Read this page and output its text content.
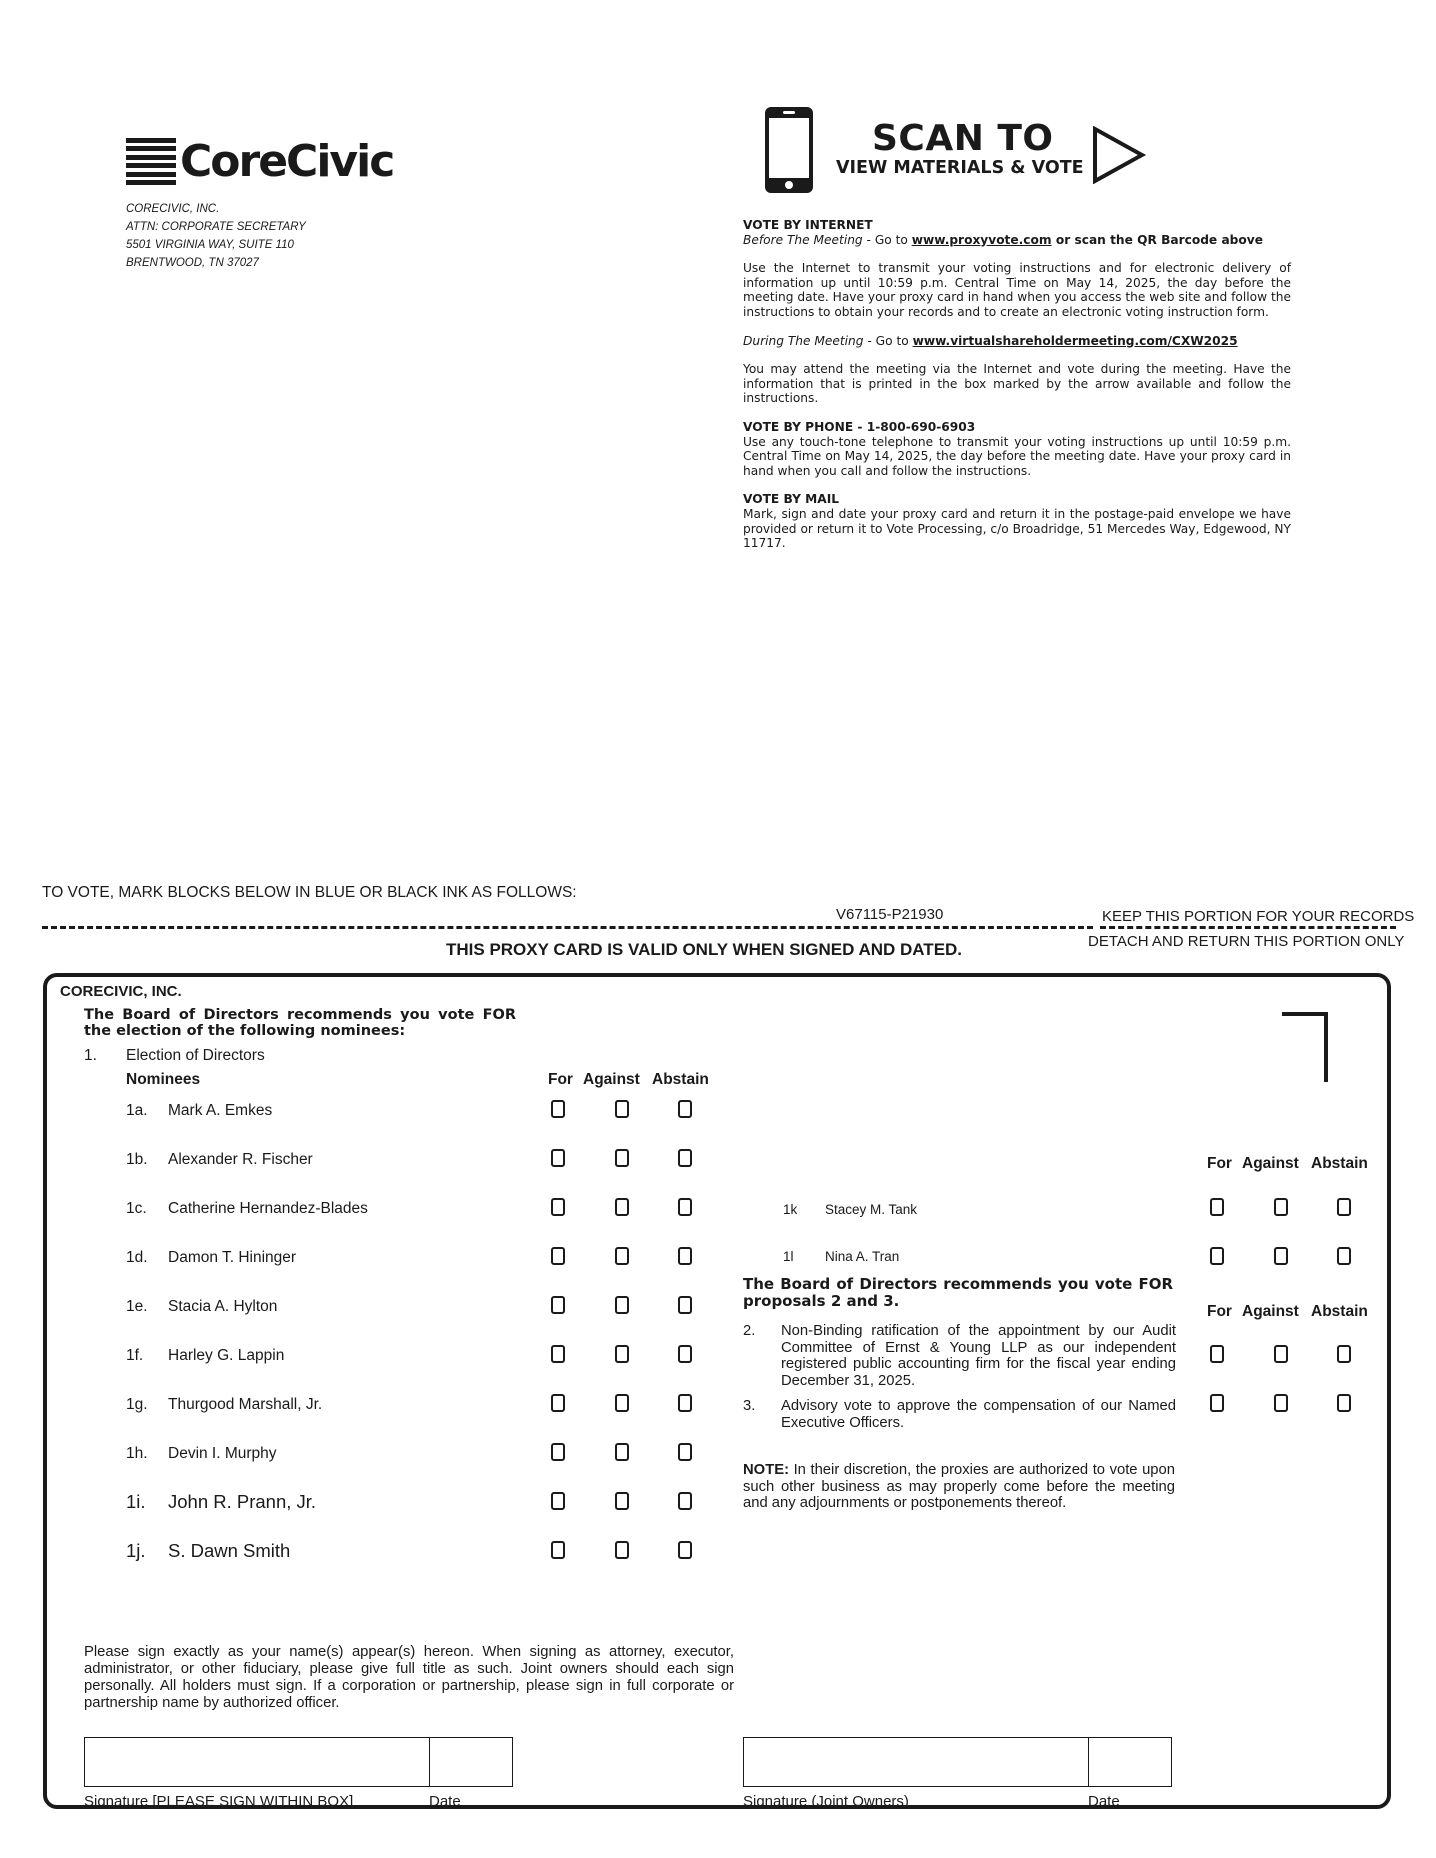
CoreCivic
CORECIVIC, INC.
ATTN: CORPORATE SECRETARY
5501 VIRGINIA WAY, SUITE 110
BRENTWOOD, TN 37027
SCAN TO
VIEW MATERIALS & VOTE

VOTE BY INTERNET

Before The Meeting - Go to www.proxyvote.com or scan the QR Barcode above

Use the Internet to transmit your voting instructions and for electronic delivery of information up until 10:59 p.m. Central Time on May 14, 2025, the day before the meeting date. Have your proxy card in hand when you access the web site and follow the instructions to obtain your records and to create an electronic voting instruction form.

During The Meeting - Go to www.virtualshareholdermeeting.com/CXW2025

You may attend the meeting via the Internet and vote during the meeting. Have the information that is printed in the box marked by the arrow available and follow the instructions.

VOTE BY PHONE - 1-800-690-6903

Use any touch-tone telephone to transmit your voting instructions up until 10:59 p.m. Central Time on May 14, 2025, the day before the meeting date. Have your proxy card in hand when you call and follow the instructions.

VOTE BY MAIL

Mark, sign and date your proxy card and return it in the postage-paid envelope we have provided or return it to Vote Processing, c/o Broadridge, 51 Mercedes Way, Edgewood, NY 11717.

TO VOTE, MARK BLOCKS BELOW IN BLUE OR BLACK INK AS FOLLOWS:
V67115-P21930	KEEP THIS PORTION FOR YOUR RECORDS
THIS PROXY CARD IS VALID ONLY WHEN SIGNED AND DATED.	DETACH AND RETURN THIS PORTION ONLY
CORECIVIC, INC.
The Board of Directors recommends you vote FOR the election of the following nominees:
1. Election of Directors
Nominees	For Against Abstain
1a. Mark A. Emkes
1b. Alexander R. Fischer
1c. Catherine Hernandez-Blades
1d. Damon T. Hininger
1e. Stacia A. Hylton
1f. Harley G. Lappin
1g. Thurgood Marshall, Jr.
1h. Devin I. Murphy
1i. John R. Prann, Jr.
1j. S. Dawn Smith
For Against Abstain
1k Stacey M. Tank
1l Nina A. Tran
The Board of Directors recommends you vote FOR proposals 2 and 3.
For Against Abstain
2.	Non-Binding ratification of the appointment by our Audit Committee of Ernst & Young LLP as our independent registered public accounting firm for the fiscal year ending December 31, 2025.
3.	Advisory vote to approve the compensation of our Named Executive Officers.
NOTE: In their discretion, the proxies are authorized to vote upon such other business as may properly come before the meeting and any adjournments or postponements thereof.
Please sign exactly as your name(s) appear(s) hereon. When signing as attorney, executor, administrator, or other fiduciary, please give full title as such. Joint owners should each sign personally. All holders must sign. If a corporation or partnership, please sign in full corporate or partnership name by authorized officer.
Signature [PLEASE SIGN WITHIN BOX]	Date	Signature (Joint Owners)	Date
